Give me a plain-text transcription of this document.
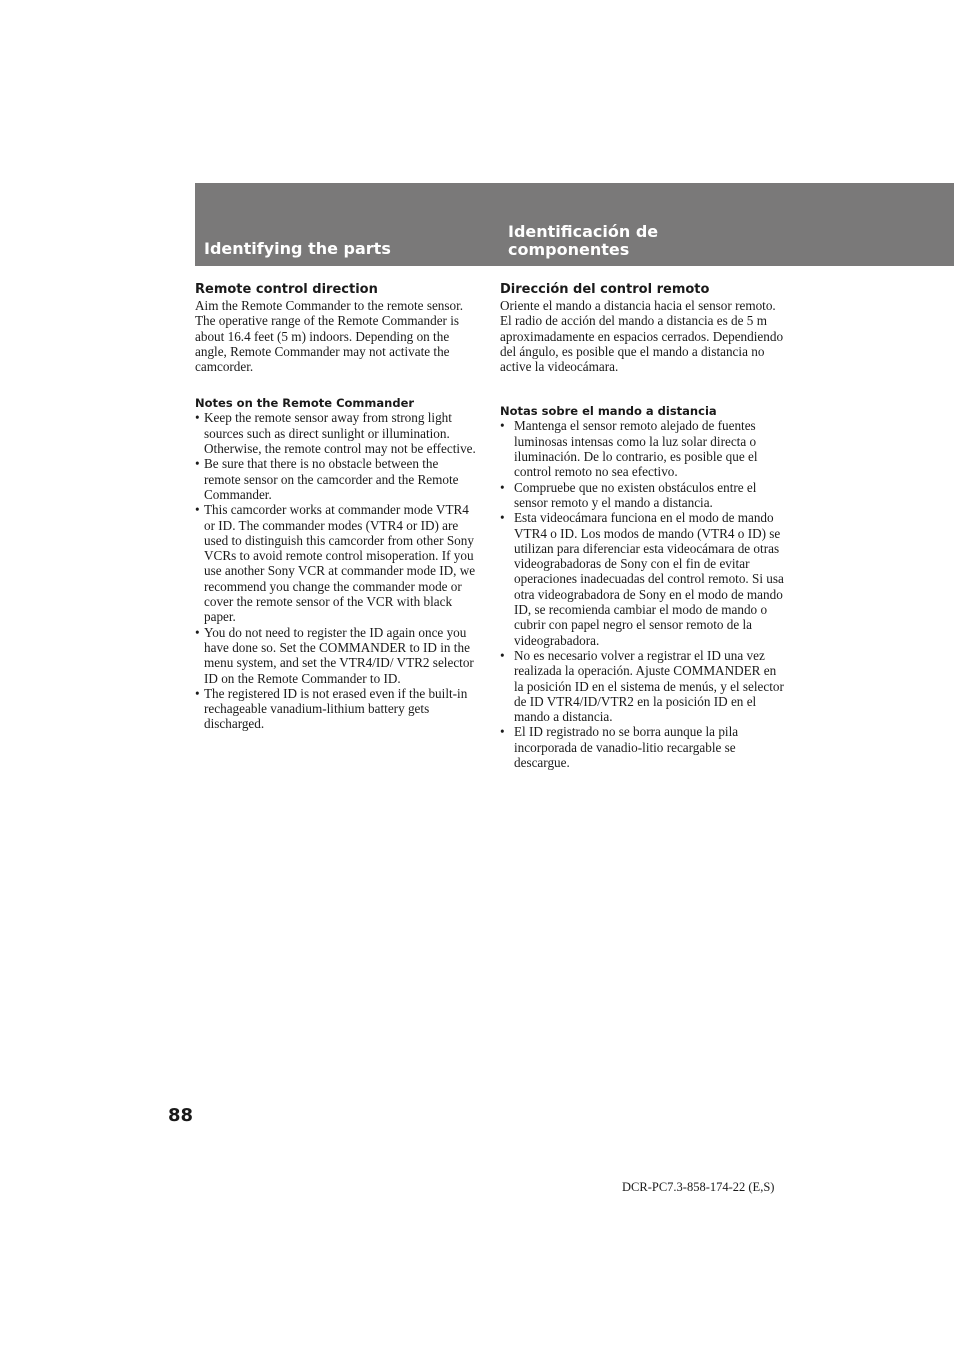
Identifying the parts
Identificación de componentes
Remote control direction

Aim the Remote Commander to the remote sensor.

The operative range of the Remote Commander is about 16.4 feet (5 m) indoors. Depending on the angle, Remote Commander may not activate the camcorder.

Notes on the Remote Commander
• Keep the remote sensor away from strong light sources such as direct sunlight or illumination. Otherwise, the remote control may not be effective.
• Be sure that there is no obstacle between the remote sensor on the camcorder and the Remote Commander.
• This camcorder works at commander mode VTR4 or ID. The commander modes (VTR4 or ID) are used to distinguish this camcorder from other Sony VCRs to avoid remote control misoperation. If you use another Sony VCR at commander mode ID, we recommend you change the commander mode or cover the remote sensor of the VCR with black paper.
• You do not need to register the ID again once you have done so. Set the COMMANDER to ID in the menu system, and set the VTR4/ID/ VTR2 selector ID on the Remote Commander to ID.
• The registered ID is not erased even if the built-in rechageable vanadium-lithium battery gets discharged.
Dirección del control remoto

Oriente el mando a distancia hacia el sensor remoto.

El radio de acción del mando a distancia es de 5 m aproximadamente en espacios cerrados. Dependiendo del ángulo, es posible que el mando a distancia no active la videocámara.

Notas sobre el mando a distancia
• Mantenga el sensor remoto alejado de fuentes luminosas intensas como la luz solar directa o iluminación. De lo contrario, es posible que el control remoto no sea efectivo.
• Compruebe que no existen obstáculos entre el sensor remoto y el mando a distancia.
• Esta videocámara funciona en el modo de mando VTR4 o ID. Los modos de mando (VTR4 o ID) se utilizan para diferenciar esta videocámara de otras videograbadoras de Sony con el fin de evitar operaciones inadecuadas del control remoto. Si usa otra videograbadora de Sony en el modo de mando ID, se recomienda cambiar el modo de mando o cubrir con papel negro el sensor remoto de la videograbadora.
• No es necesario volver a registrar el ID una vez realizada la operación. Ajuste COMMANDER en la posición ID en el sistema de menús, y el selector de ID VTR4/ID/VTR2 en la posición ID en el mando a distancia.
• El ID registrado no se borra aunque la pila incorporada de vanadio-litio recargable se descargue.

88

DCR-PC7.3-858-174-22 (E,S)
